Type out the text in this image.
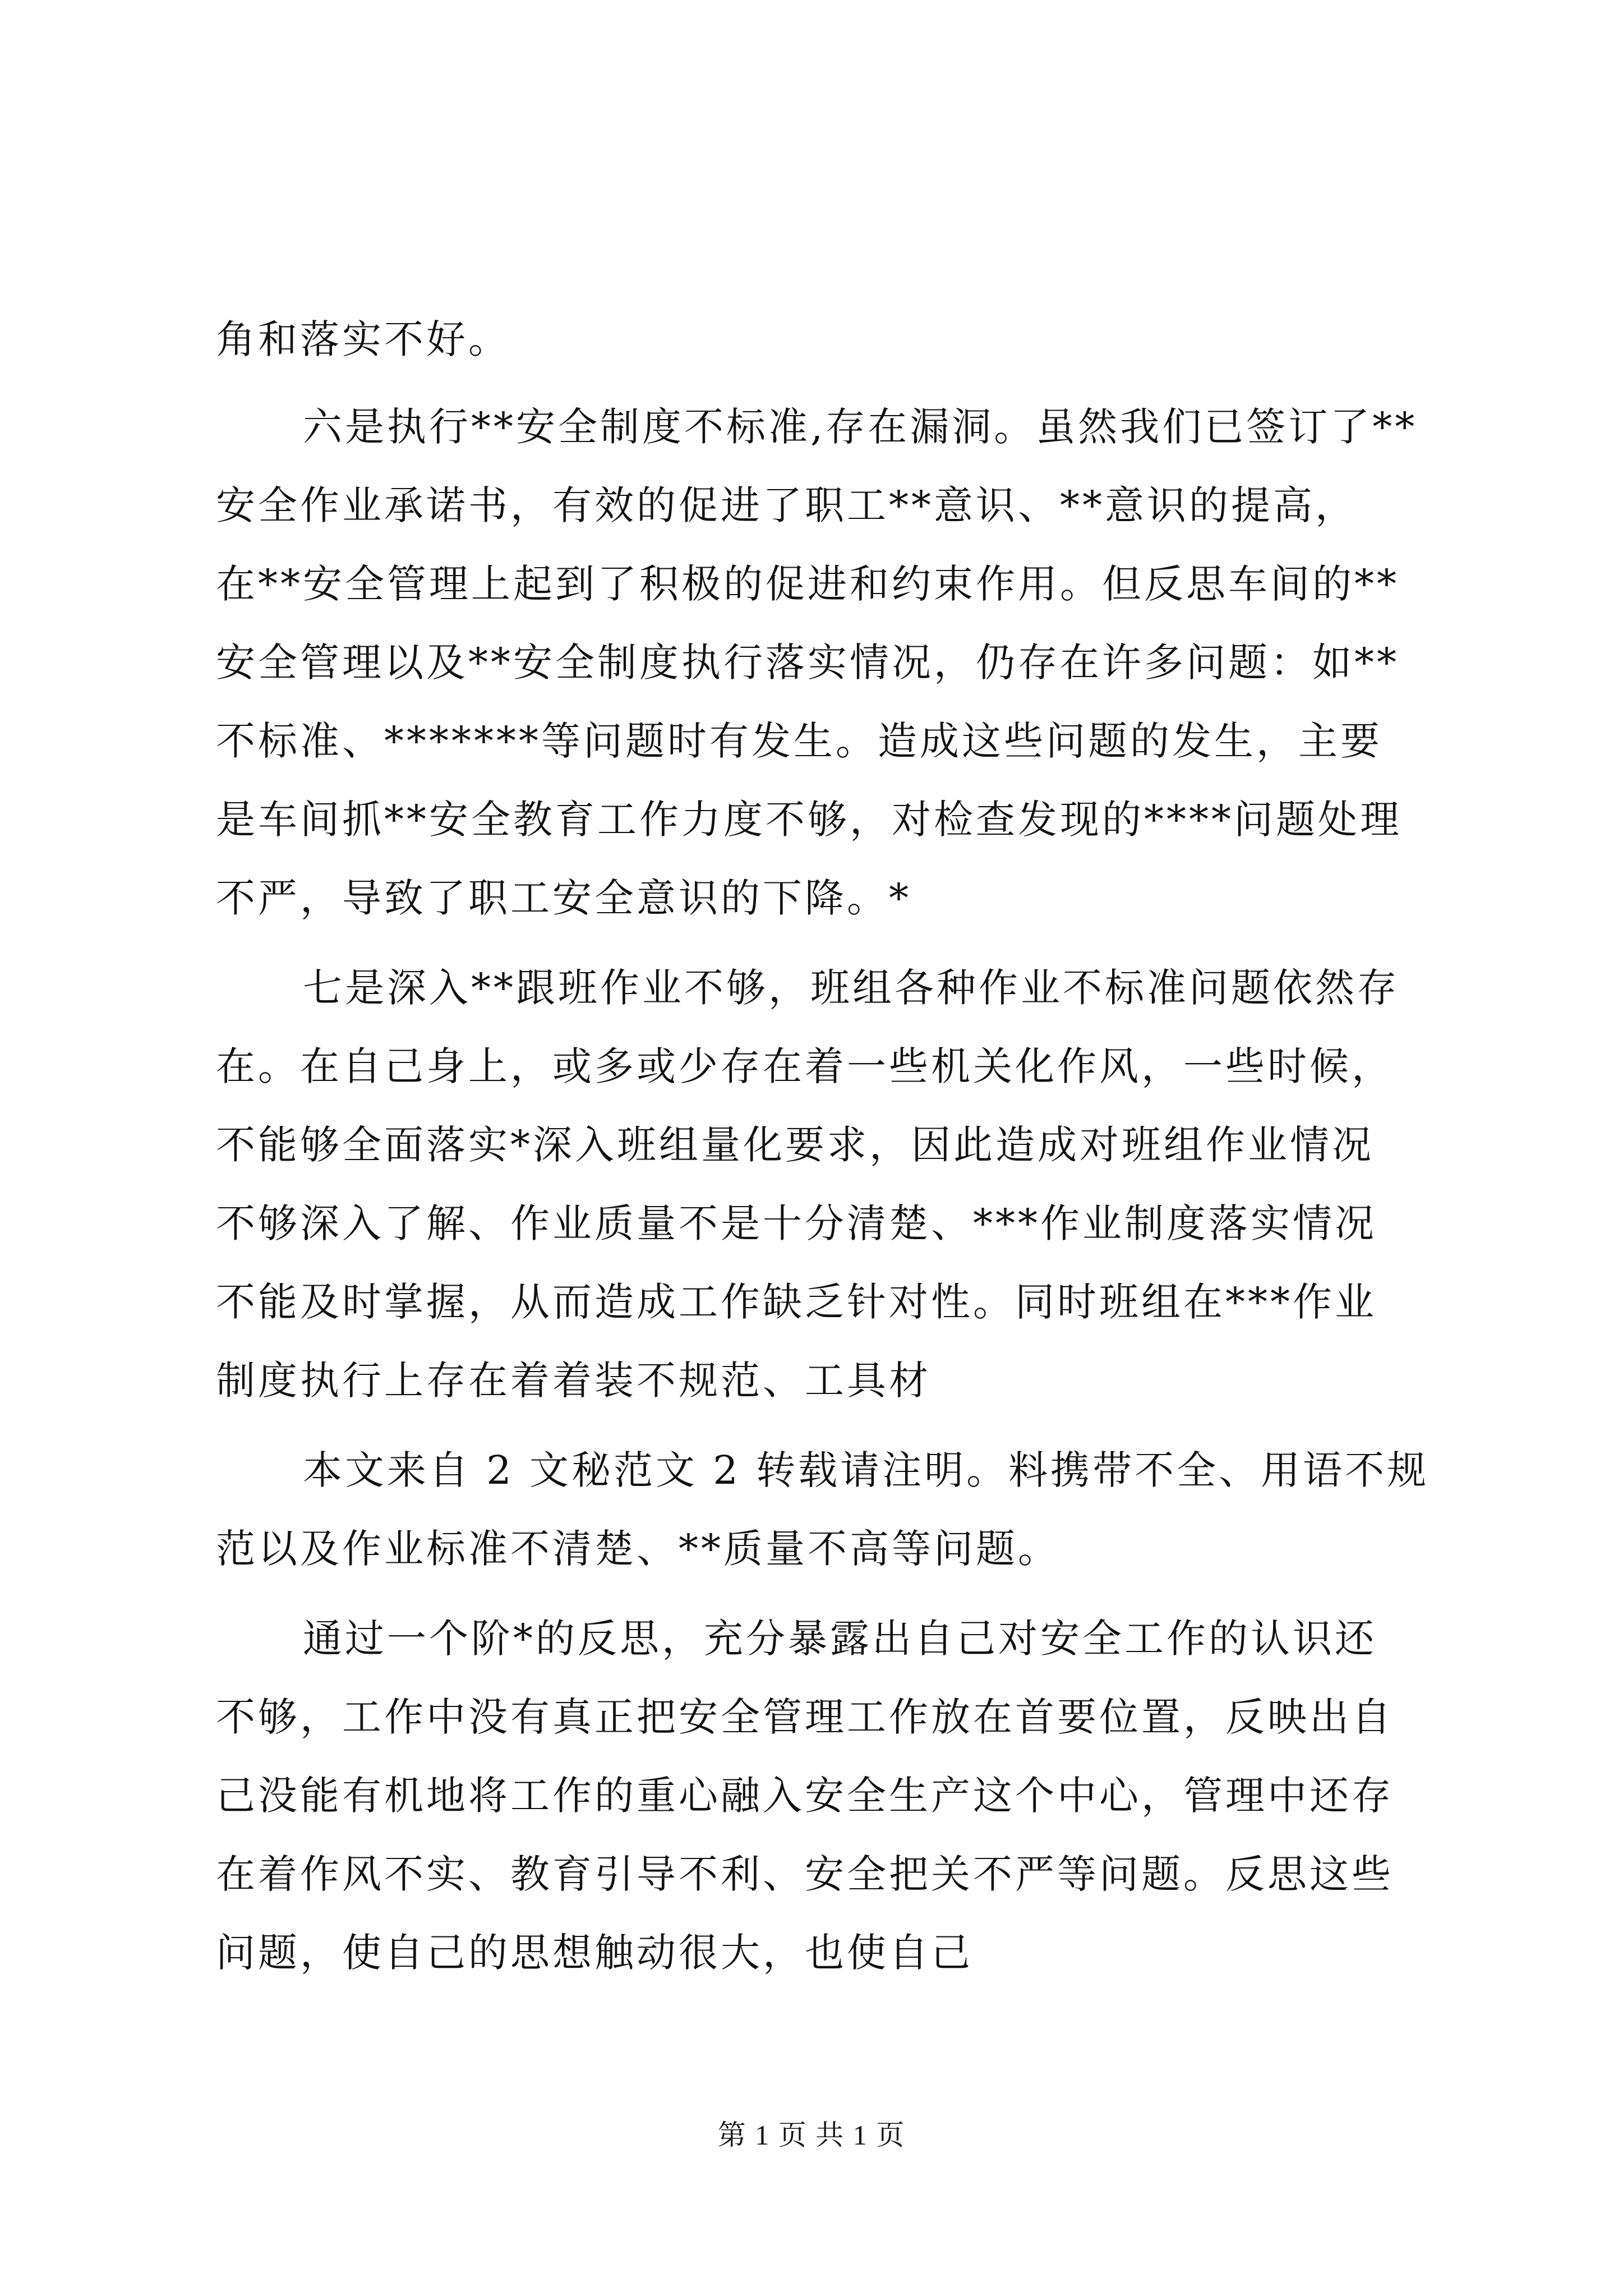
角和落实不好。
六是执行**安全制度不标准,存在漏洞。虽然我们已签订了**
安全作业承诺书，有效的促进了职工**意识、**意识的提高，
在**安全管理上起到了积极的促进和约束作用。但反思车间的**
安全管理以及**安全制度执行落实情况，仍存在许多问题：如**
不标准、*******等问题时有发生。造成这些问题的发生，主要
是车间抓**安全教育工作力度不够，对检查发现的****问题处理
不严，导致了职工安全意识的下降。*
七是深入**跟班作业不够，班组各种作业不标准问题依然存
在。在自己身上，或多或少存在着一些机关化作风，一些时候，
不能够全面落实*深入班组量化要求，因此造成对班组作业情况
不够深入了解、作业质量不是十分清楚、***作业制度落实情况
不能及时掌握，从而造成工作缺乏针对性。同时班组在***作业
制度执行上存在着着装不规范、工具材
本文来自 2 文秘范文 2 转载请注明。料携带不全、用语不规
范以及作业标准不清楚、**质量不高等问题。
通过一个阶*的反思，充分暴露出自己对安全工作的认识还
不够，工作中没有真正把安全管理工作放在首要位置，反映出自
己没能有机地将工作的重心融入安全生产这个中心，管理中还存
在着作风不实、教育引导不利、安全把关不严等问题。反思这些
问题，使自己的思想触动很大，也使自己
第 1 页 共 1 页
